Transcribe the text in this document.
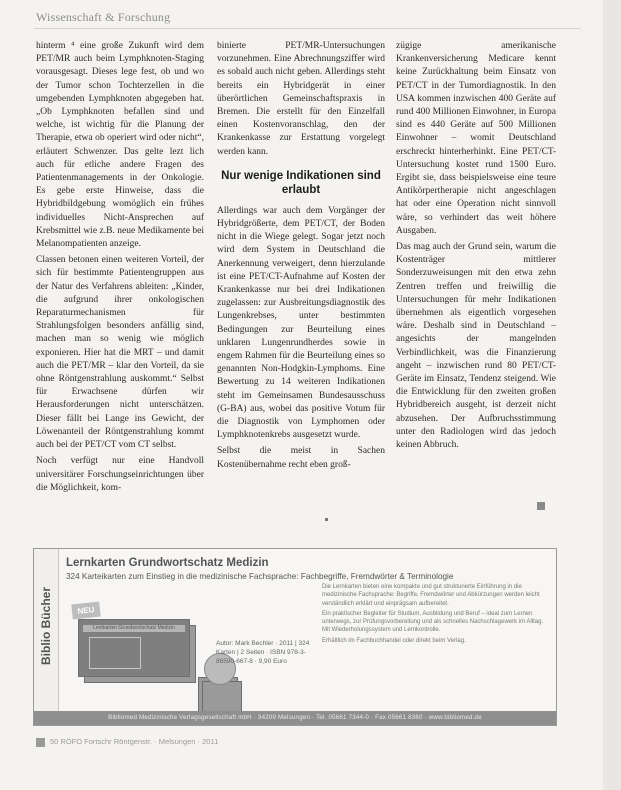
Wissenschaft & Forschung

hinterm ⁴ eine große Zukunft wird dem PET/MR auch beim Lymphknoten-Staging vorausgesagt. Dieses lege fest, ob und wo der Tumor schon Tochterzellen in die umgebenden Lymphknoten abgegeben hat. „Ob Lymphknoten befallen sind und welche, ist wichtig für die Planung der Therapie, etwa ob operiert wird oder nicht“, erläutert Schwenzer. Das gelte lezt lich auch für etliche andere Fragen des Patientenmanagements in der Onkologie. Es gebe erste Hinweise, dass die Hybridbildgebung womöglich ein frühes individuelles Nicht-Ansprechen auf Krebsmittel wie z.B. neue Medikamente bei Melanompatienten anzeige.

Classen betonen einen weiteren Vorteil, der sich für bestimmte Patientengruppen aus der Natur des Verfahrens ableiten: „Kinder, die aufgrund ihrer onkologischen Reparaturmechanismen für Strahlungsfolgen besonders anfällig sind, machen man so wenig wie möglich exponieren. Hier hat die MRT – und damit auch die PET/MR – klar den Vorteil, da sie ohne Röntgenstrahlung auskommt.“ Selbst für Erwachsene dürfen wir Herausforderungen nicht unterschätzen. Dieser fällt bei Lange ins Gewicht, der Löwenanteil der Röntgenstrahlung kommt auch bei der PET/CT vom CT selbst.

Noch verfügt nur eine Handvoll universitärer Forschungseinrichtungen über die Möglichkeit, kom-

binierte PET/MR-Untersuchungen vorzunehmen. Eine Abrechnungsziffer wird es sobald auch nicht geben. Allerdings steht bereits ein Hybridgerät in einer überörtlichen Gemeinschaftspraxis in Bremen. Die erstellt für den Einzelfall einen Kostenvoranschlag, den der Krankenkasse zur Erstattung vorgelegt werden kann.

Nur wenige Indikationen sind erlaubt

Allerdings war auch dem Vorgänger der Hybridgrößerte, dem PET/CT, der Boden nicht in die Wiege gelegt. Sogar jetzt noch wird dem System in Deutschland die Anerkennung verweigert, denn hierzulande ist eine PET/CT-Aufnahme auf Kosten der Krankenkasse nur bei drei Indikationen zugelassen: zur Ausbreitungsdiagnostik des Lungenkrebses, unter bestimmten Bedingungen zur Beurteilung eines unklaren Lungenrundherdes sowie in engem Rahmen für die Beurteilung eines so genannten Non-Hodgkin-Lymphoms. Eine Bewertung zu 14 weiteren Indikationen steht im Gemeinsamen Bundesausschuss (G-BA) aus, wobei das positive Votum für die Diagnostik von Lymphomen oder Lymphknotenkrebs ausgesetzt wurde.

Selbst die meist in Sachen Kostenübernahme recht eben groß-

zügige amerikanische Krankenversicherung Medicare kennt keine Zurückhaltung beim Einsatz von PET/CT in der Tumordiagnostik. In den USA kommen inzwischen 400 Geräte auf rund 400 Millionen Einwohner, in Europa sind es 440 Geräte auf 500 Millionen Einwohner – womit Deutschland erschreckt hinterherhinkt. Eine PET/CT-Untersuchung kostet rund 1500 Euro. Ergibt sie, dass beispielsweise eine teure Antikörpertherapie nicht angeschlagen hat oder eine Operation nicht sinnvoll wäre, so verhindert das weit höhere Ausgaben.

Das mag auch der Grund sein, warum die Kostenträger mittlerer Sonderzuweisungen mit den etwa zehn Zentren treffen und freiwillig die Untersuchungen für mehr Indikationen übernehmen als eigentlich vorgesehen wäre. Deshalb sind in Deutschland – angesichts der mangelnden Verbindlichkeit, was die Finanzierung angeht – inzwischen rund 80 PET/CT-Geräte im Einsatz, Tendenz steigend. Wie die Entwicklung für den zweiten großen Hybridbereich ausgeht, ist derzeit nicht abzusehen. Der Aufbruchsstimmung unter den Radiologen wird das jedoch keinen Abbruch.

Biblio Bücher
Lernkarten Grundwortschatz Medizin
324 Karteikarten zum Einstieg in die medizinische Fachsprache: Fachbegriffe, Fremdwörter & Terminologie
NEU
Lernkarten Grundwortschatz Medizin
Autor: Mark Bechler · 2011 | 324 Karten | 2 Seiten · ISBN 978-3-86590-667-8 · 9,90 Euro

Die Lernkarten bieten eine kompakte und gut strukturierte Einführung in die medizinische Fachsprache: Begriffe, Fremdwörter und Abkürzungen werden leicht verständlich erklärt und einprägsam aufbereitet.

Ein praktischer Begleiter für Studium, Ausbildung und Beruf – ideal zum Lernen unterwegs, zur Prüfungsvorbereitung und als schnelles Nachschlagewerk im Alltag. Mit Wiederholungssystem und Lernkontrolle.

Erhältlich im Fachbuchhandel oder direkt beim Verlag.

Bibliomed Medizinische Verlagsgesellschaft mbH · 34209 Melsungen · Tel. 05661 7344-0 · Fax 05661 8360 · www.bibliomed.de
50 RÖFO Fortschr Röntgenstr. · Melsungen · 2011
